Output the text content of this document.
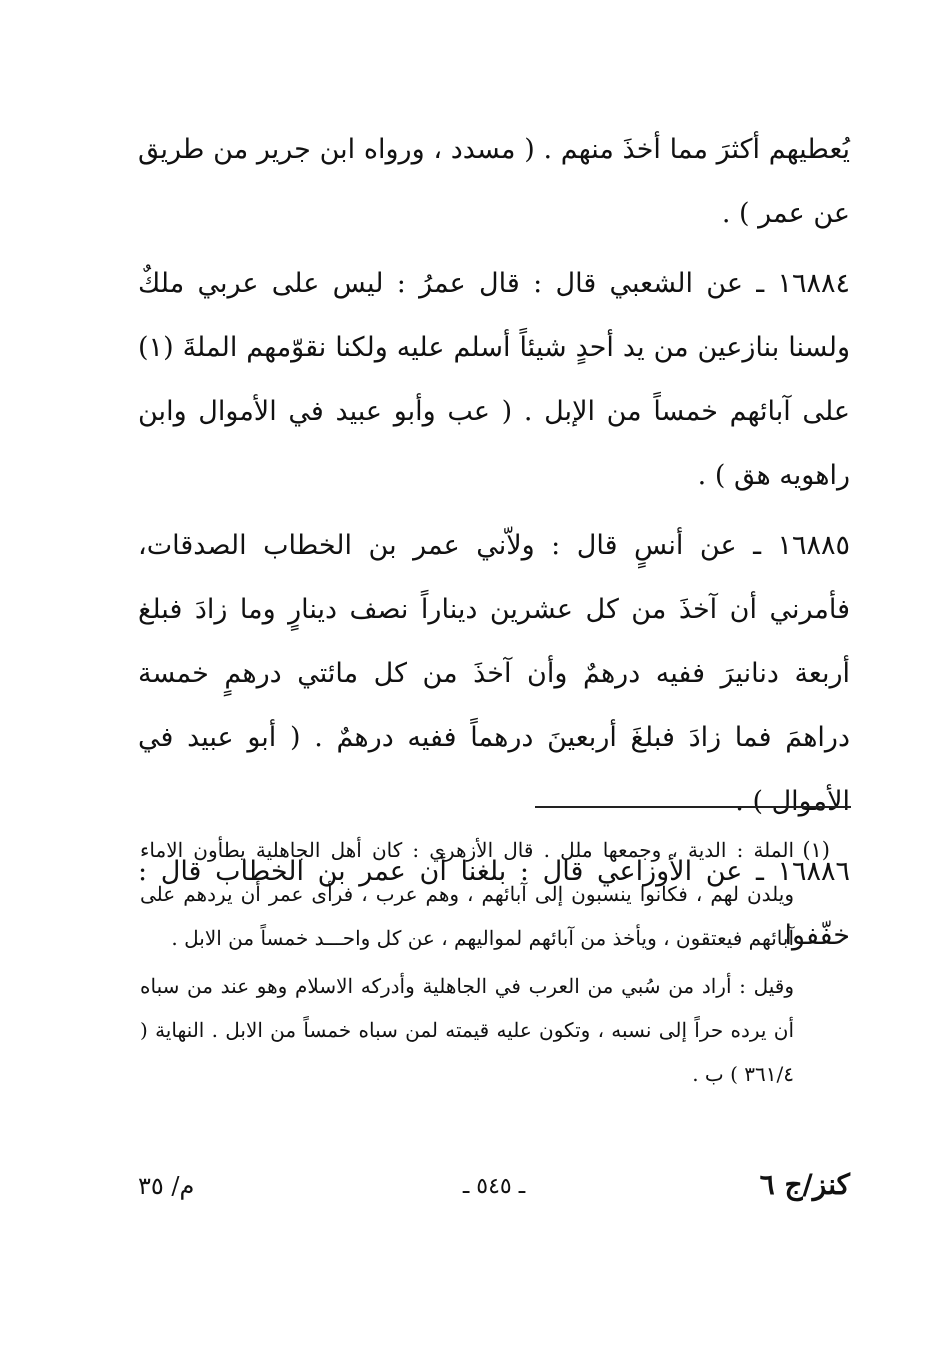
يُعطيهم أكثرَ مما أخذَ منهم . ( مسدد ، ورواه ابن جرير من طريق عن عمر ) .

١٦٨٨٤ ـ عن الشعبي قال : قال عمرُ : ليس على عربي ملكٌ ولسنا بنازعين من يد أحدٍ شيئاً أسلم عليه ولكنا نقوّمهم الملةَ (١) على آبائهم خمساً من الإبل . ( عب وأبو عبيد في الأموال وابن راهويه هق ) .

١٦٨٨٥ ـ عن أنسٍ قال : ولاّني عمر بن الخطاب الصدقات، فأمرني أن آخذَ من كل عشرين ديناراً نصف دينارٍ وما زادَ فبلغ أربعة دنانيرَ ففيه درهمٌ وأن آخذَ من كل مائتي درهمٍ خمسة دراهمَ فما زادَ فبلغَ أربعينَ درهماً ففيه درهمٌ . ( أبو عبيد في الأموال ) .

١٦٨٨٦ ـ عن الأوزاعي قال : بلغنا أن عمر بن الخطاب قال : خفّفوا

(١)

الملة : الدية ، وجمعها ملل . قال الأزهري : كان أهل الجاهلية يطأون الاماء ويلدن لهم ، فكانوا ينسبون إلى آبائهم ، وهم عرب ، فرأى عمر أن يردهم على آبائهم فيعتقون ، ويأخذ من آبائهم لمواليهم ، عن كل واحـــد خمساً من الابل .

وقيل : أراد من سُبي من العرب في الجاهلية وأدركه الاسلام وهو عند من سباه أن يرده حراً إلى نسبه ، وتكون عليه قيمته لمن سباه خمساً من الابل . النهاية ( ٣٦١/٤ ) ب .

كنز/ج ٦
ـ ٥٤٥ ـ
م/ ٣٥
